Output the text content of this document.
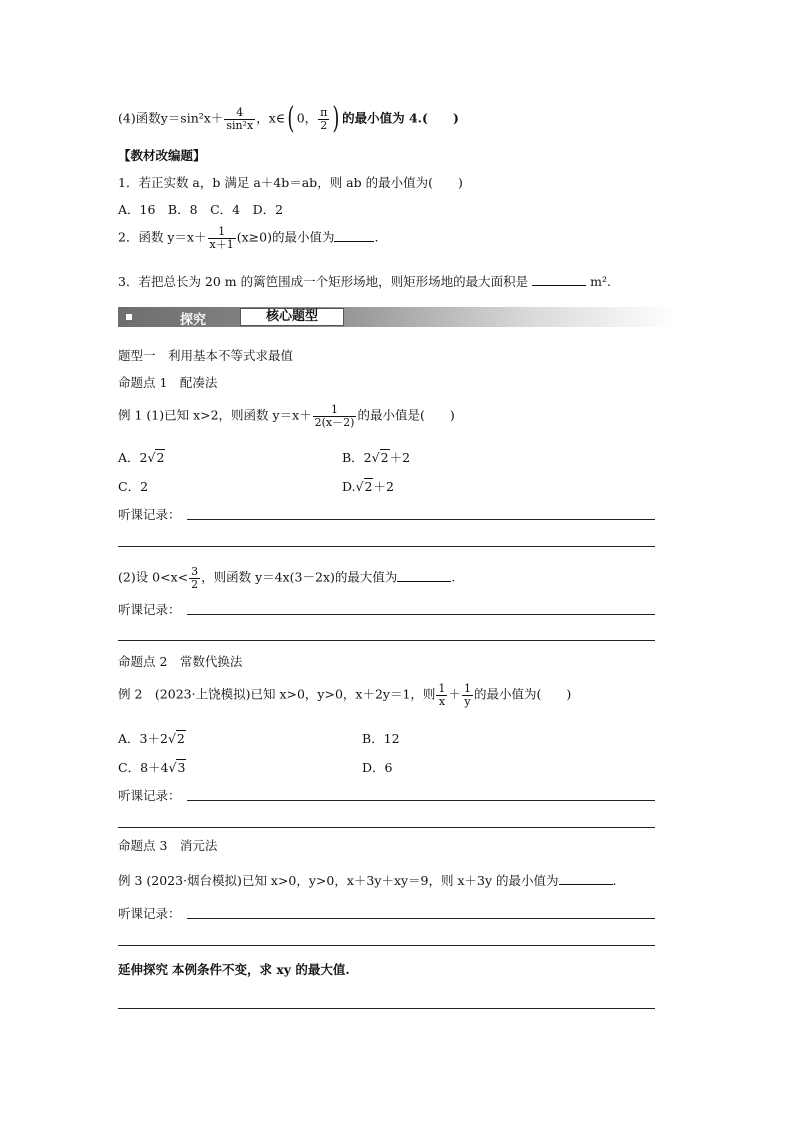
(4)函数$y=\sin^2x+ \frac{4}{\text{sin²x}}$ ，x∈( 0， $\frac{\pi}{2}$ ) 的最小值为 4.(　　)
【教材改编题】
1．若正实数 a，b 满足 a＋4b＝ab，则 ab 的最小值为(　　)
A．16　B．8　C．4　D．2
2．函数 $y=x+ \frac{1}{x+1} (x\ge 0)$的最小值为	.
3．若把总长为 20 m 的篱笆围成一个矩形场地，则矩形场地的最大面积是	m².
探究	核心题型
题型一　利用基本不等式求最值
命题点 1　配凑法
例 1 (1)已知 x>2，则函数 $y=x+ \frac{1}{2(x-2)}$ 的最小值是(　　)
A．2√2	B．2√2＋2
C．2	D.√2＋2
听课记录：
(2)设 $0<x< \frac{3}{2}$ ，则函数 y＝4x(3－2x)的最大值为	.
听课记录：
命题点 2　常数代换法
例 2　(2023·上饶模拟)已知 x>0，y>0，x＋2y＝1，则 $\frac{1}{x} + \frac{1}{y}$ 的最小值为(　　)
A．3＋2√2	B．12
C．8＋4√3	D．6
听课记录：
命题点 3　消元法
例 3 (2023·烟台模拟)已知 x>0，y>0，x＋3y＋xy＝9，则 x＋3y 的最小值为	.
听课记录：
延伸探究 本例条件不变，求 xy 的最大值.
